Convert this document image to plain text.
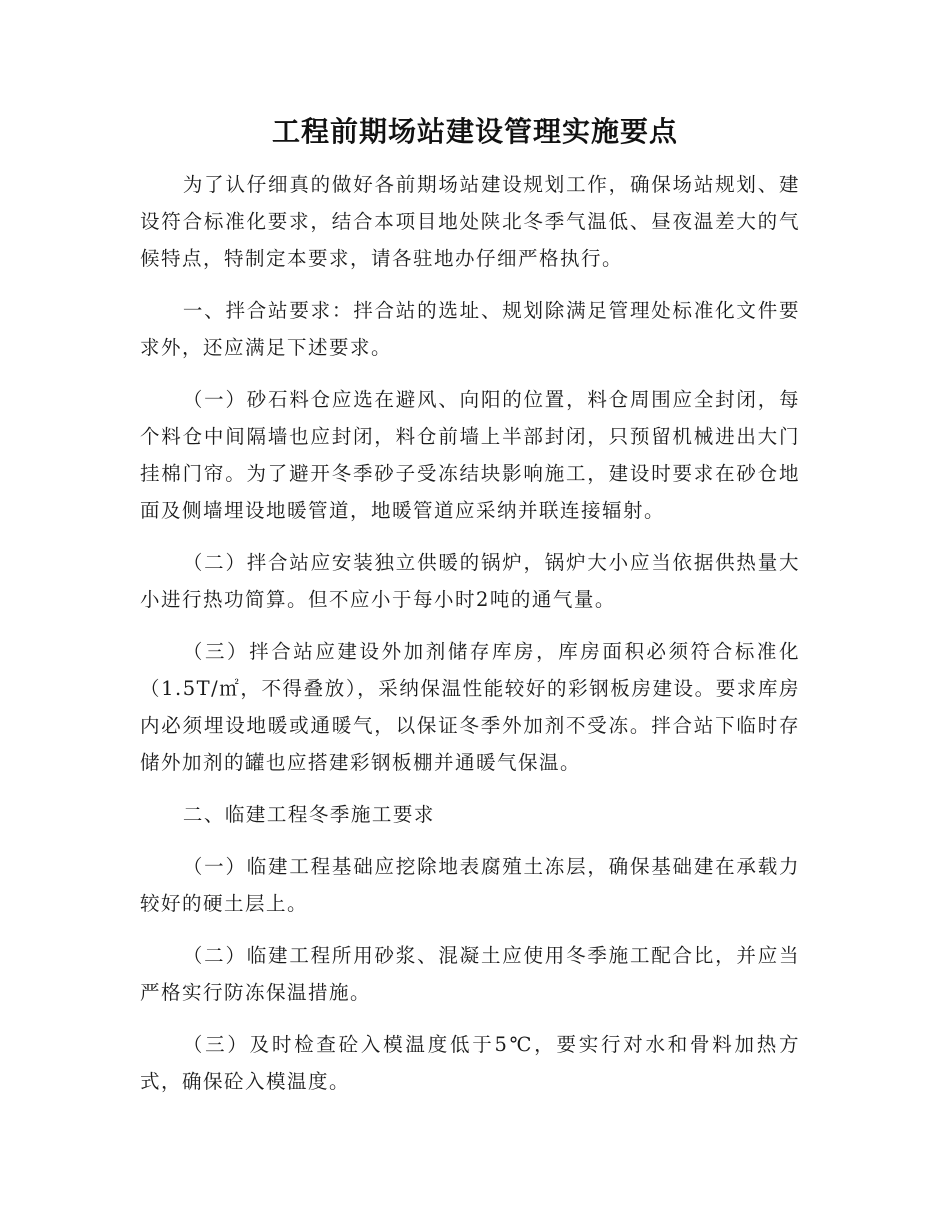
工程前期场站建设管理实施要点

为了认仔细真的做好各前期场站建设规划工作，确保场站规划、建设符合标准化要求，结合本项目地处陕北冬季气温低、昼夜温差大的气候特点，特制定本要求，请各驻地办仔细严格执行。

一、拌合站要求：拌合站的选址、规划除满足管理处标准化文件要求外，还应满足下述要求。

（一）砂石料仓应选在避风、向阳的位置，料仓周围应全封闭，每个料仓中间隔墙也应封闭，料仓前墙上半部封闭，只预留机械进出大门挂棉门帘。为了避开冬季砂子受冻结块影响施工，建设时要求在砂仓地面及侧墙埋设地暖管道，地暖管道应采纳并联连接辐射。

（二）拌合站应安装独立供暖的锅炉，锅炉大小应当依据供热量大小进行热功简算。但不应小于每小时2吨的通气量。

（三）拌合站应建设外加剂储存库房，库房面积必须符合标准化（1.5T/㎡，不得叠放），采纳保温性能较好的彩钢板房建设。要求库房内必须埋设地暖或通暖气，以保证冬季外加剂不受冻。拌合站下临时存储外加剂的罐也应搭建彩钢板棚并通暖气保温。

二、临建工程冬季施工要求

（一）临建工程基础应挖除地表腐殖土冻层，确保基础建在承载力较好的硬土层上。

（二）临建工程所用砂浆、混凝土应使用冬季施工配合比，并应当严格实行防冻保温措施。

（三）及时检查砼入模温度低于5℃，要实行对水和骨料加热方式，确保砼入模温度。
